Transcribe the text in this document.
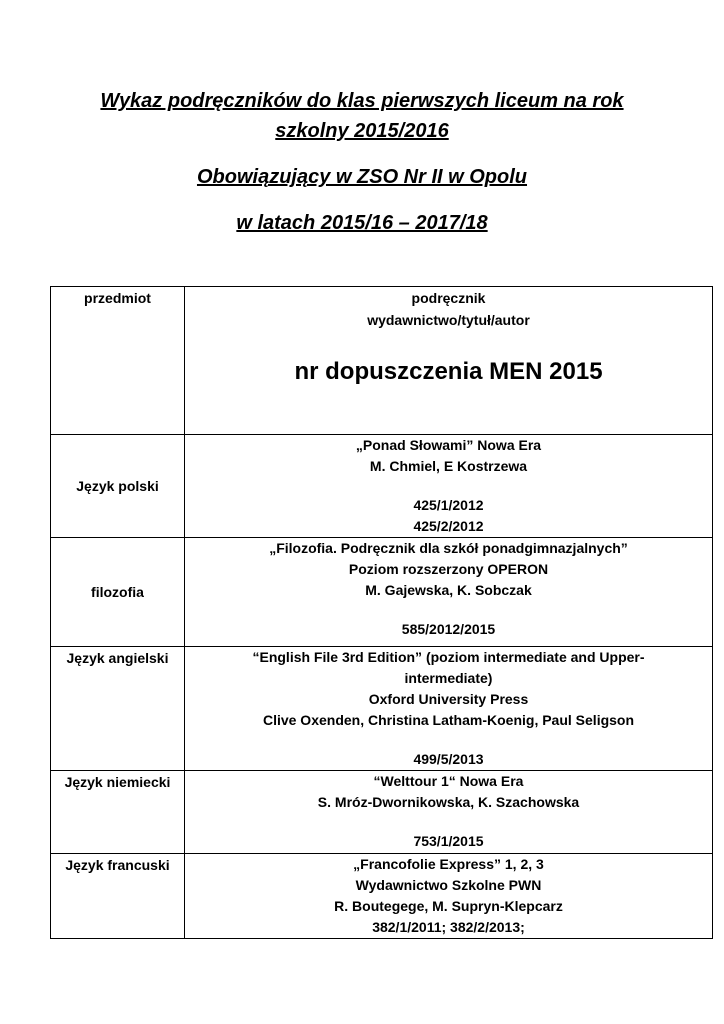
Wykaz podręczników do klas pierwszych liceum na rok

szkolny 2015/2016

Obowiązujący w ZSO Nr II w Opolu

w latach 2015/16 – 2017/18

przedmiot	podręcznik
wydawnictwo/tytuł/autor
nr dopuszczenia MEN 2015

Język polski	„Ponad Słowami” Nowa Era
M. Chmiel, E Kostrzewa
425/1/2012
425/2/2012

filozofia	„Filozofia. Podręcznik dla szkół ponadgimnazjalnych”
Poziom rozszerzony OPERON
M. Gajewska, K. Sobczak
585/2012/2015

Język angielski	“English File 3rd Edition” (poziom intermediate and Upper-
intermediate)
Oxford University Press
Clive Oxenden, Christina Latham-Koenig, Paul Seligson
499/5/2013

Język niemiecki	“Welttour 1“ Nowa Era
S. Mróz-Dwornikowska, K. Szachowska
753/1/2015

Język francuski	„Francofolie Express” 1, 2, 3
Wydawnictwo Szkolne PWN
R. Boutegege, M. Supryn-Klepcarz
382/1/2011; 382/2/2013;
